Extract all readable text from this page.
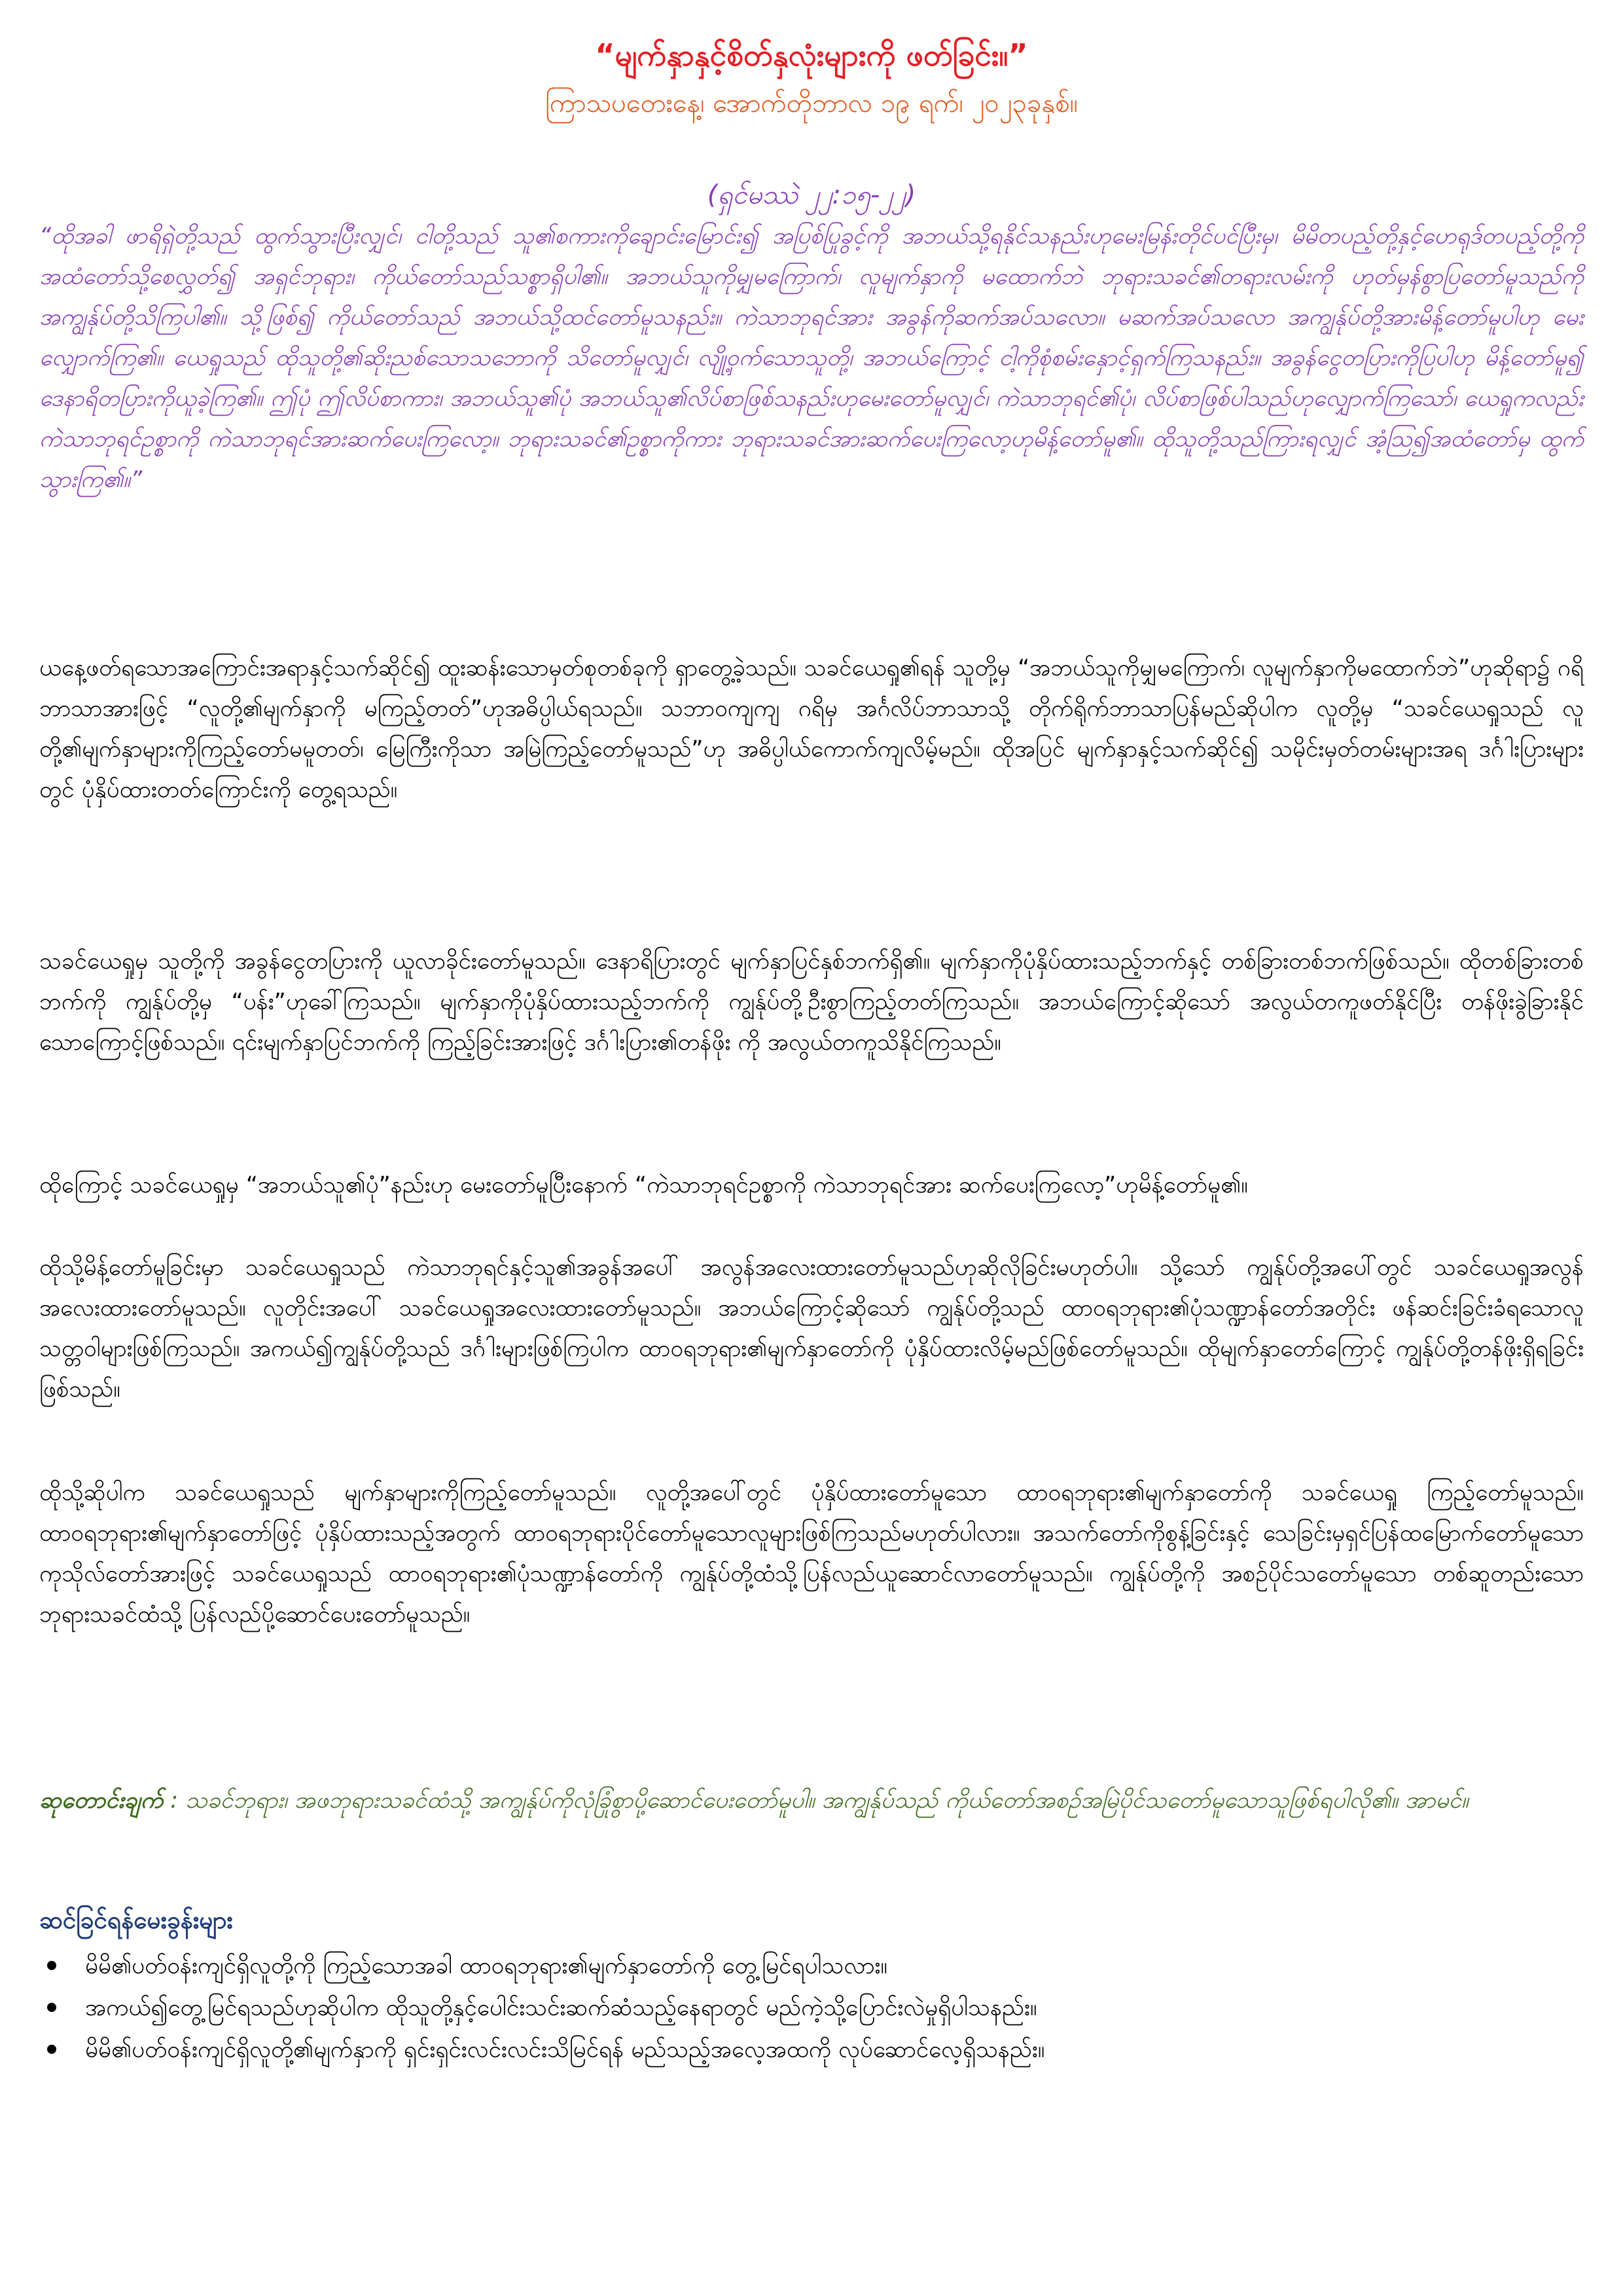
“မျက်နှာနှင့်စိတ်နှလုံးများကို ဖတ်ခြင်း။”
ကြာသပတေးနေ့၊ အောက်တိုဘာလ ၁၉ ရက်၊ ၂၀၂၃ခုနှစ်။
(ရှင်မဿဲ ၂၂:၁၅-၂၂)
“ထိုအခါ ဖာရိရှဲတို့သည် ထွက်သွားပြီးလျှင်၊ ငါတို့သည် သူ၏စကားကိုချောင်းမြောင်း၍ အပြစ်ပြုခွင့်ကို အဘယ်သို့ရနိုင်သနည်းဟုမေးမြန်းတိုင်ပင်ပြီးမှ၊ မိမိတပည့်တို့နှင့်ဟေရုဒ်တပည့်တို့ကို အထံတော်သို့စေလွှတ်၍ အရှင်ဘုရား၊ ကိုယ်တော်သည်သစ္စာရှိပါ၏။ အဘယ်သူကိုမျှမကြောက်၊ လူမျက်နှာကို မထောက်ဘဲ ဘုရားသခင်၏တရားလမ်းကို ဟုတ်မှန်စွာပြတော်မူသည်ကို အကျွန်ုပ်တို့သိကြပါ၏။ သို့ဖြစ်၍ ကိုယ်တော်သည် အဘယ်သို့ထင်တော်မူသနည်း။ ကဲသာဘုရင်အား အခွန်ကိုဆက်အပ်သလော။ မဆက်အပ်သလော အကျွန်ုပ်တို့အားမိန့်တော်မူပါဟု မေးလျှောက်ကြ၏။ ယေရှုသည် ထိုသူတို့၏ဆိုးညစ်သောသဘောကို သိတော်မူလျှင်၊ လျို့ဝှက်သောသူတို့၊ အဘယ်ကြောင့် ငါ့ကိုစုံစမ်းနှောင့်ရှက်ကြသနည်း။ အခွန်ငွေတပြားကိုပြပါဟု မိန့်တော်မူ၍ ဒေနာရိတပြားကိုယူခဲ့ကြ၏။ ဤပုံ ဤလိပ်စာကား၊ အဘယ်သူ၏ပုံ အဘယ်သူ၏လိပ်စာဖြစ်သနည်းဟုမေးတော်မူလျှင်၊ ကဲသာဘုရင်၏ပုံ၊ လိပ်စာဖြစ်ပါသည်ဟုလျှောက်ကြသော်၊ ယေရှုကလည်း ကဲသာဘုရင်ဥစ္စာကို ကဲသာဘုရင်အားဆက်ပေးကြလော့။ ဘုရားသခင်၏ဥစ္စာကိုကား ဘုရားသခင်အားဆက်ပေးကြလော့ဟုမိန့်တော်မူ၏။ ထိုသူတို့သည်ကြားရလျှင် အံ့ဩ၍အထံတော်မှ ထွက်သွားကြ၏။”
ယနေ့ဖတ်ရသောအကြောင်းအရာနှင့်သက်ဆိုင်၍ ထူးဆန်းသောမှတ်စုတစ်ခုကို ရှာတွေ့ခဲ့သည်။ သခင်ယေရှု၏ရန် သူတို့မှ “အဘယ်သူကိုမျှမကြောက်၊ လူမျက်နှာကိုမထောက်ဘဲ”ဟုဆိုရာ၌ ဂရိဘာသာအားဖြင့် “လူတို့၏မျက်နှာကို မကြည့်တတ်”ဟုအဓိပ္ပါယ်ရသည်။ သဘာဝကျကျ ဂရိမှ အင်္ဂလိပ်ဘာသာသို့ တိုက်ရိုက်ဘာသာပြန်မည်ဆိုပါက လူတို့မှ “သခင်ယေရှုသည် လူတို့၏မျက်နှာများကိုကြည့်တော်မမူတတ်၊ မြေကြီးကိုသာ အမြဲကြည့်တော်မူသည်”ဟု အဓိပ္ပါယ်ကောက်ကျလိမ့်မည်။ ထိုအပြင် မျက်နှာနှင့်သက်ဆိုင်၍ သမိုင်းမှတ်တမ်းများအရ ဒင်္ဂါးပြားများတွင် ပုံနှိပ်ထားတတ်ကြောင်းကို တွေ့ရသည်။
သခင်ယေရှုမှ သူတို့ကို အခွန်ငွေတပြားကို ယူလာခိုင်းတော်မူသည်။ ဒေနာရိပြားတွင် မျက်နှာပြင်နှစ်ဘက်ရှိ၏။ မျက်နှာကိုပုံနှိပ်ထားသည့်ဘက်နှင့် တစ်ခြားတစ်ဘက်ဖြစ်သည်။ ထိုတစ်ခြားတစ်ဘက်ကို ကျွန်ုပ်တို့မှ “ပန်း”ဟုခေါ်ကြသည်။ မျက်နှာကိုပုံနှိပ်ထားသည့်ဘက်ကို ကျွန်ုပ်တို့ဦးစွာကြည့်တတ်ကြသည်။ အဘယ်ကြောင့်ဆိုသော် အလွယ်တကူဖတ်နိုင်ပြီး တန်ဖိုးခွဲခြားနိုင်သောကြောင့်ဖြစ်သည်။ ၎င်းမျက်နှာပြင်ဘက်ကို ကြည့်ခြင်းအားဖြင့် ဒင်္ဂါးပြား၏တန်ဖိုး ကို အလွယ်တကူသိနိုင်ကြသည်။
ထိုကြောင့် သခင်ယေရှုမှ “အဘယ်သူ၏ပုံ”နည်းဟု မေးတော်မူပြီးနောက် “ကဲသာဘုရင်ဥစ္စာကို ကဲသာဘုရင်အား ဆက်ပေးကြလော့”ဟုမိန့်တော်မူ၏။
ထိုသို့မိန့်တော်မူခြင်းမှာ သခင်ယေရှုသည် ကဲသာဘုရင်နှင့်သူ၏အခွန်အပေါ် အလွန်အလေးထားတော်မူသည်ဟုဆိုလိုခြင်းမဟုတ်ပါ။ သို့သော် ကျွန်ုပ်တို့အပေါ်တွင် သခင်ယေရှုအလွန်အလေးထားတော်မူသည်။ လူတိုင်းအပေါ် သခင်ယေရှုအလေးထားတော်မူသည်။ အဘယ်ကြောင့်ဆိုသော် ကျွန်ုပ်တို့သည် ထာဝရဘုရား၏ပုံသဏ္ဍာန်တော်အတိုင်း ဖန်ဆင်းခြင်းခံရသောလူသတ္တဝါများဖြစ်ကြသည်။ အကယ်၍ကျွန်ုပ်တို့သည် ဒင်္ဂါးများဖြစ်ကြပါက ထာဝရဘုရား၏မျက်နှာတော်ကို ပုံနှိပ်ထားလိမ့်မည်ဖြစ်တော်မူသည်။ ထိုမျက်နှာတော်ကြောင့် ကျွန်ုပ်တို့တန်ဖိုးရှိရခြင်းဖြစ်သည်။
ထိုသို့ဆိုပါက သခင်ယေရှုသည် မျက်နှာများကိုကြည့်တော်မူသည်။ လူတို့အပေါ်တွင် ပုံနှိပ်ထားတော်မူသော ထာဝရဘုရား၏မျက်နှာတော်ကို သခင်ယေရှု ကြည့်တော်မူသည်။ ထာဝရဘုရား၏မျက်နှာတော်ဖြင့် ပုံနှိပ်ထားသည့်အတွက် ထာဝရဘုရားပိုင်တော်မူသောလူများဖြစ်ကြသည်မဟုတ်ပါလား။ အသက်တော်ကိုစွန့်ခြင်းနှင့် သေခြင်းမှရှင်ပြန်ထမြောက်တော်မူသောကုသိုလ်တော်အားဖြင့် သခင်ယေရှုသည် ထာဝရဘုရား၏ပုံသဏ္ဍာန်တော်ကို ကျွန်ုပ်တို့ထံသို့ပြန်လည်ယူဆောင်လာတော်မူသည်။ ကျွန်ုပ်တို့ကို အစဉ်ပိုင်သတော်မူသော တစ်ဆူတည်းသောဘုရားသခင်ထံသို့ ပြန်လည်ပို့ဆောင်ပေးတော်မူသည်။
ဆုတောင်းချက် : သခင်ဘုရား၊ အဖဘုရားသခင်ထံသို့ အကျွန်ုပ်ကိုလုံခြုံစွာပို့ဆောင်ပေးတော်မူပါ။ အကျွန်ုပ်သည် ကိုယ်တော်အစဉ်အမြဲပိုင်သတော်မူသောသူဖြစ်ရပါလို၏။ အာမင်။
ဆင်ခြင်ရန်မေးခွန်းများ
မိမိ၏ပတ်ဝန်းကျင်ရှိလူတို့ကို ကြည့်သောအခါ ထာဝရဘုရား၏မျက်နှာတော်ကို တွေ့မြင်ရပါသလား။
အကယ်၍တွေ့မြင်ရသည်ဟုဆိုပါက ထိုသူတို့နှင့်ပေါင်းသင်းဆက်ဆံသည့်နေရာတွင် မည်ကဲ့သို့ပြောင်းလဲမှုရှိပါသနည်း။
မိမိ၏ပတ်ဝန်းကျင်ရှိလူတို့၏မျက်နှာကို ရှင်းရှင်းလင်းလင်းသိမြင်ရန် မည်သည့်အလေ့အထကို လုပ်ဆောင်လေ့ရှိသနည်း။
